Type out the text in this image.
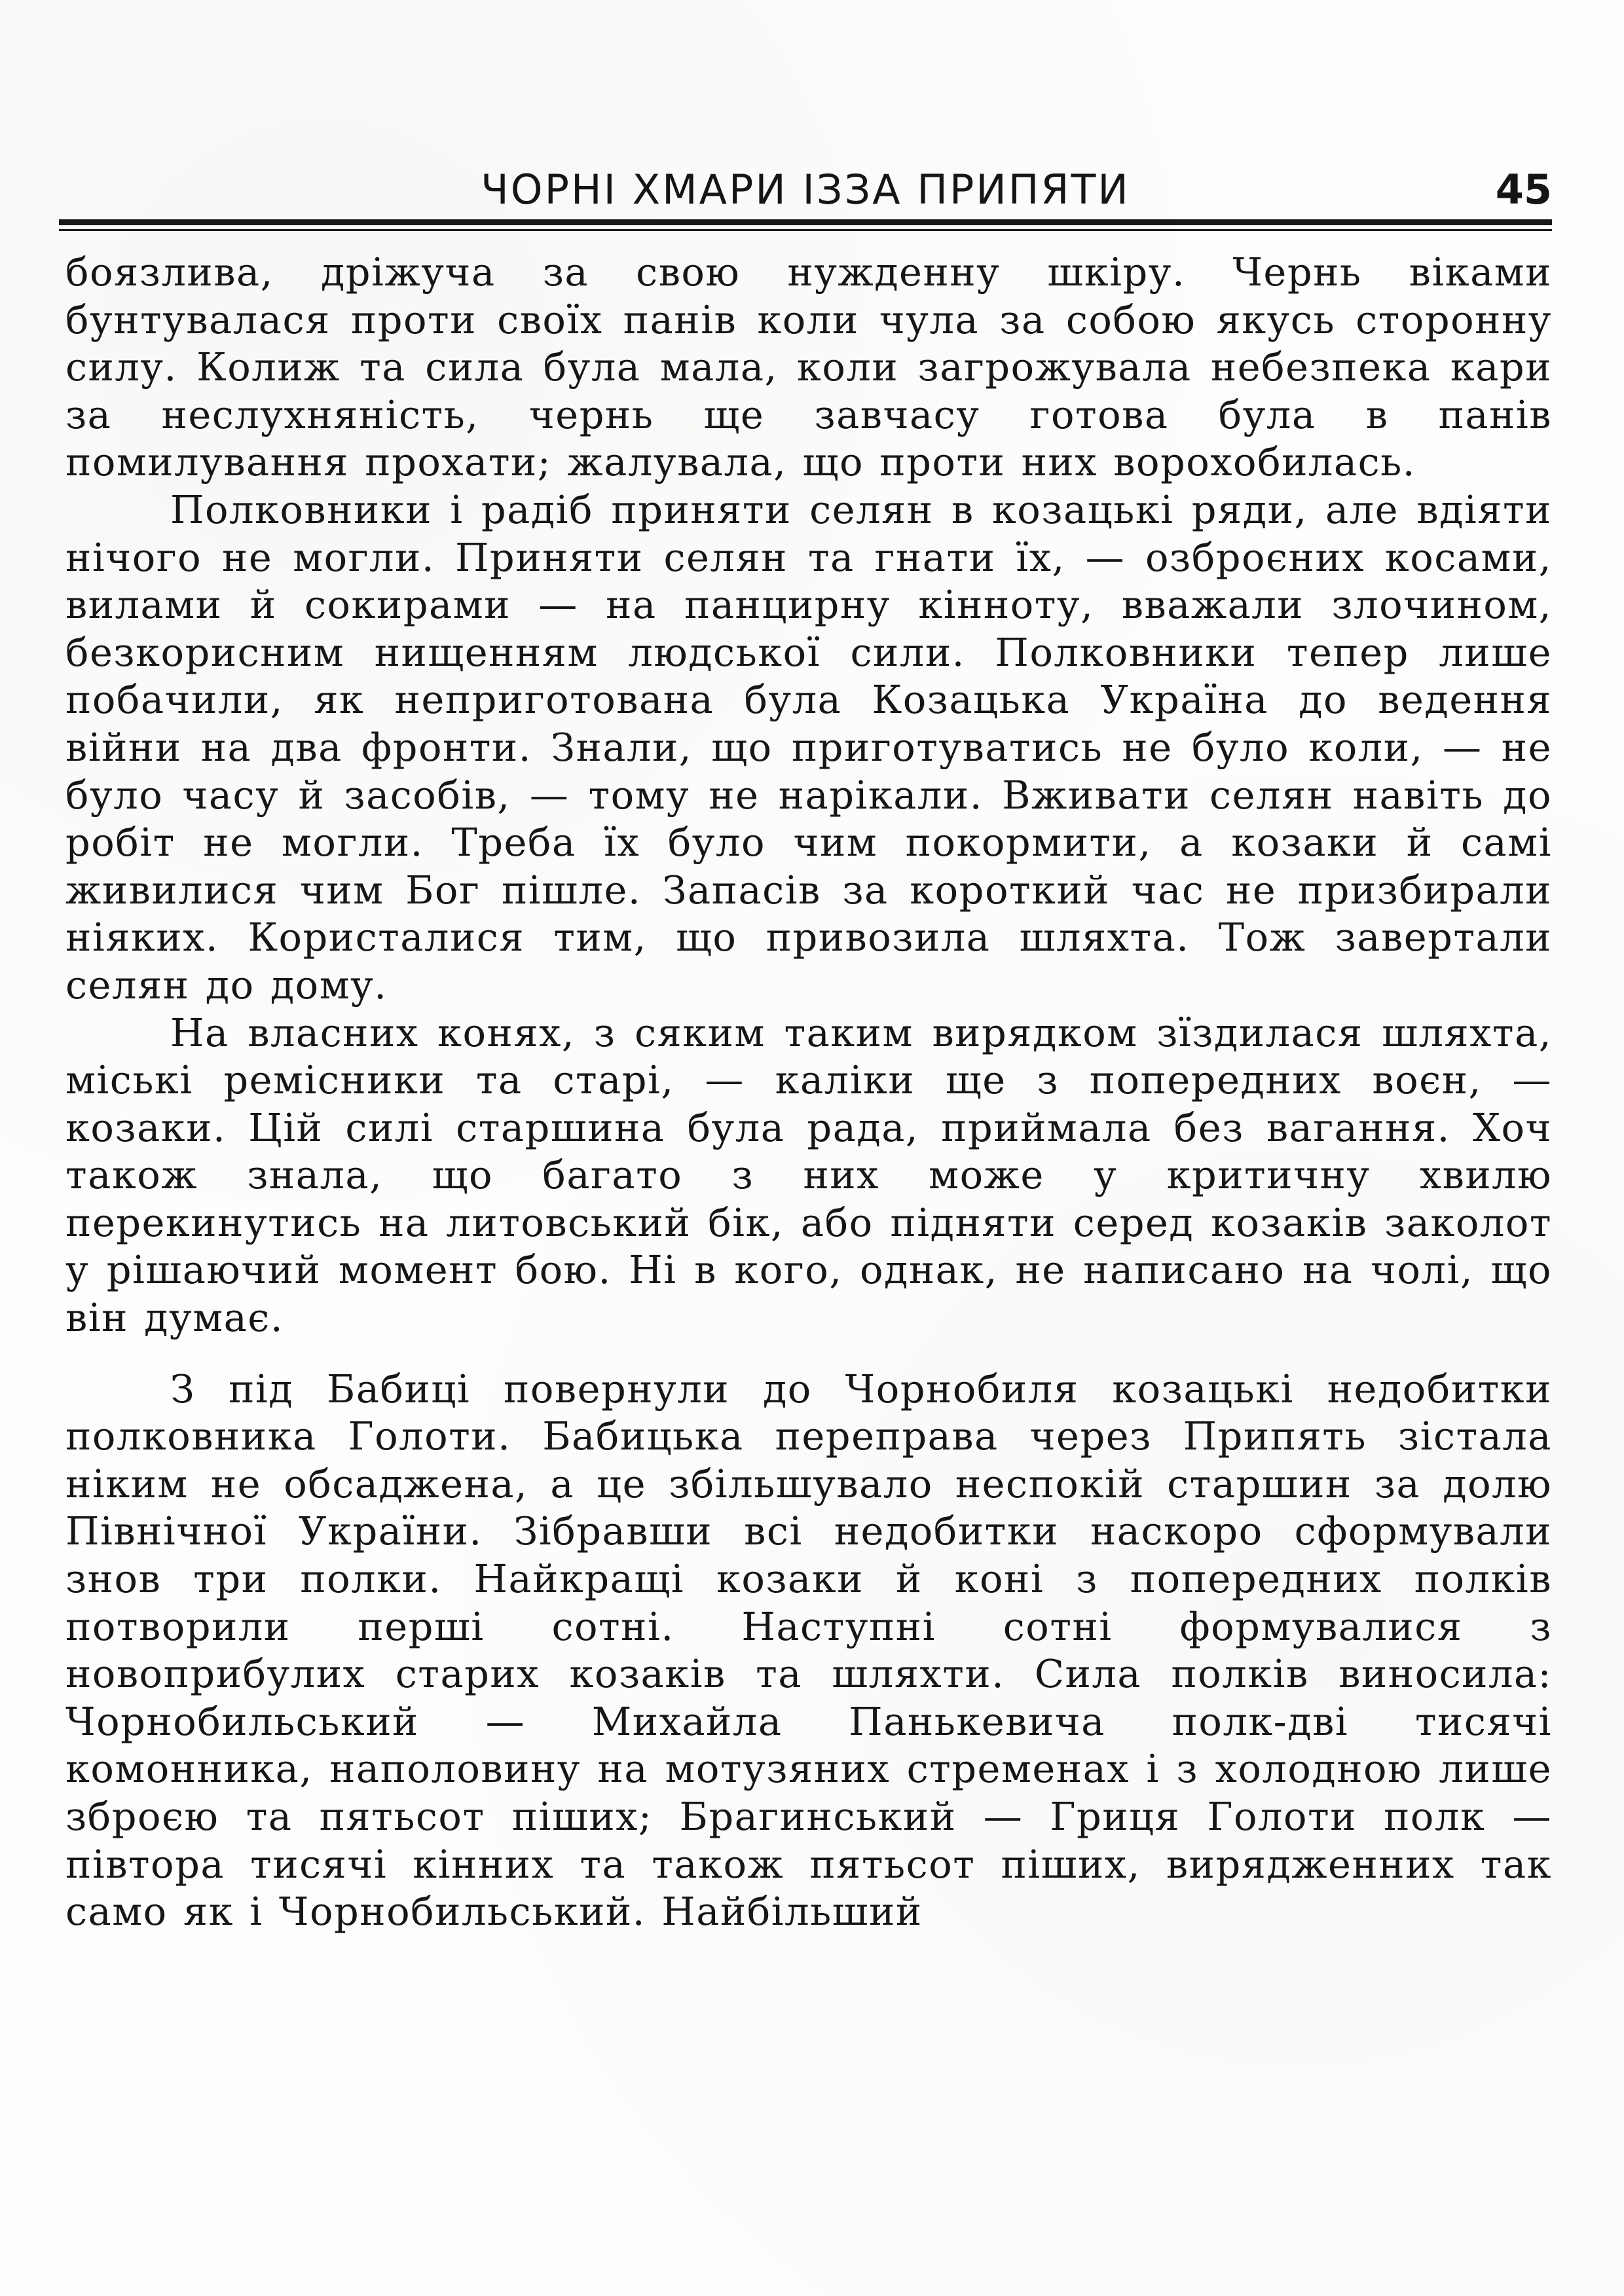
ЧОРНІ ХМАРИ ІЗЗА ПРИПЯТИ	45

боязлива, дріжуча за свою нужденну шкіру. Чернь віками бунтувалася проти своїх панів коли чула за собою якусь сторонну силу. Колиж та сила була мала, коли загрожувала небезпека кари за неслухняність, чернь ще завчасу готова була в панів помилування прохати; жалувала, що проти них ворохобилась.

Полковники і радіб приняти селян в козацькі ряди, але вдіяти нічого не могли. Приняти селян та гнати їх, — озброєних косами, вилами й сокирами — на панцирну кінноту, вважали злочином, безкорисним нищенням людської сили. Полковники тепер лише побачили, як неприготована була Козацька Україна до ведення війни на два фронти. Знали, що приготуватись не було коли, — не було часу й засобів, — тому не нарікали. Вживати селян навіть до робіт не могли. Треба їх було чим покормити, а козаки й самі живилися чим Бог пішле. Запасів за короткий час не призбирали ніяких. Користалися тим, що привозила шляхта. Тож завертали селян до дому.

На власних конях, з сяким таким вирядком зїздилася шляхта, міські ремісники та старі, — каліки ще з попередних воєн, — козаки. Цій силі старшина була рада, приймала без вагання. Хоч також знала, що багато з них може у критичну хвилю перекинутись на литовський бік, або підняти серед козаків заколот у рішаючий момент бою. Ні в кого, однак, не написано на чолі, що він думає.

З під Бабиці повернули до Чорнобиля козацькі недобитки полковника Голоти. Бабицька переправа через Припять зістала ніким не обсаджена, а це збільшувало неспокій старшин за долю Північної України. Зібравши всі недобитки наскоро сформували знов три полки. Найкращі козаки й коні з попередних полків потворили перші сотні. Наступні сотні формувалися з новоприбулих старих козаків та шляхти. Сила полків виносила: Чорнобильський — Михайла Панькевича полк-дві тисячі комонника, наполовину на мотузяних стременах і з холодною лише зброєю та пятьсот піших; Брагинський — Гриця Голоти полк — півтора тисячі кінних та також пятьсот піших, вирядженних так само як і Чорнобильський. Найбільший
